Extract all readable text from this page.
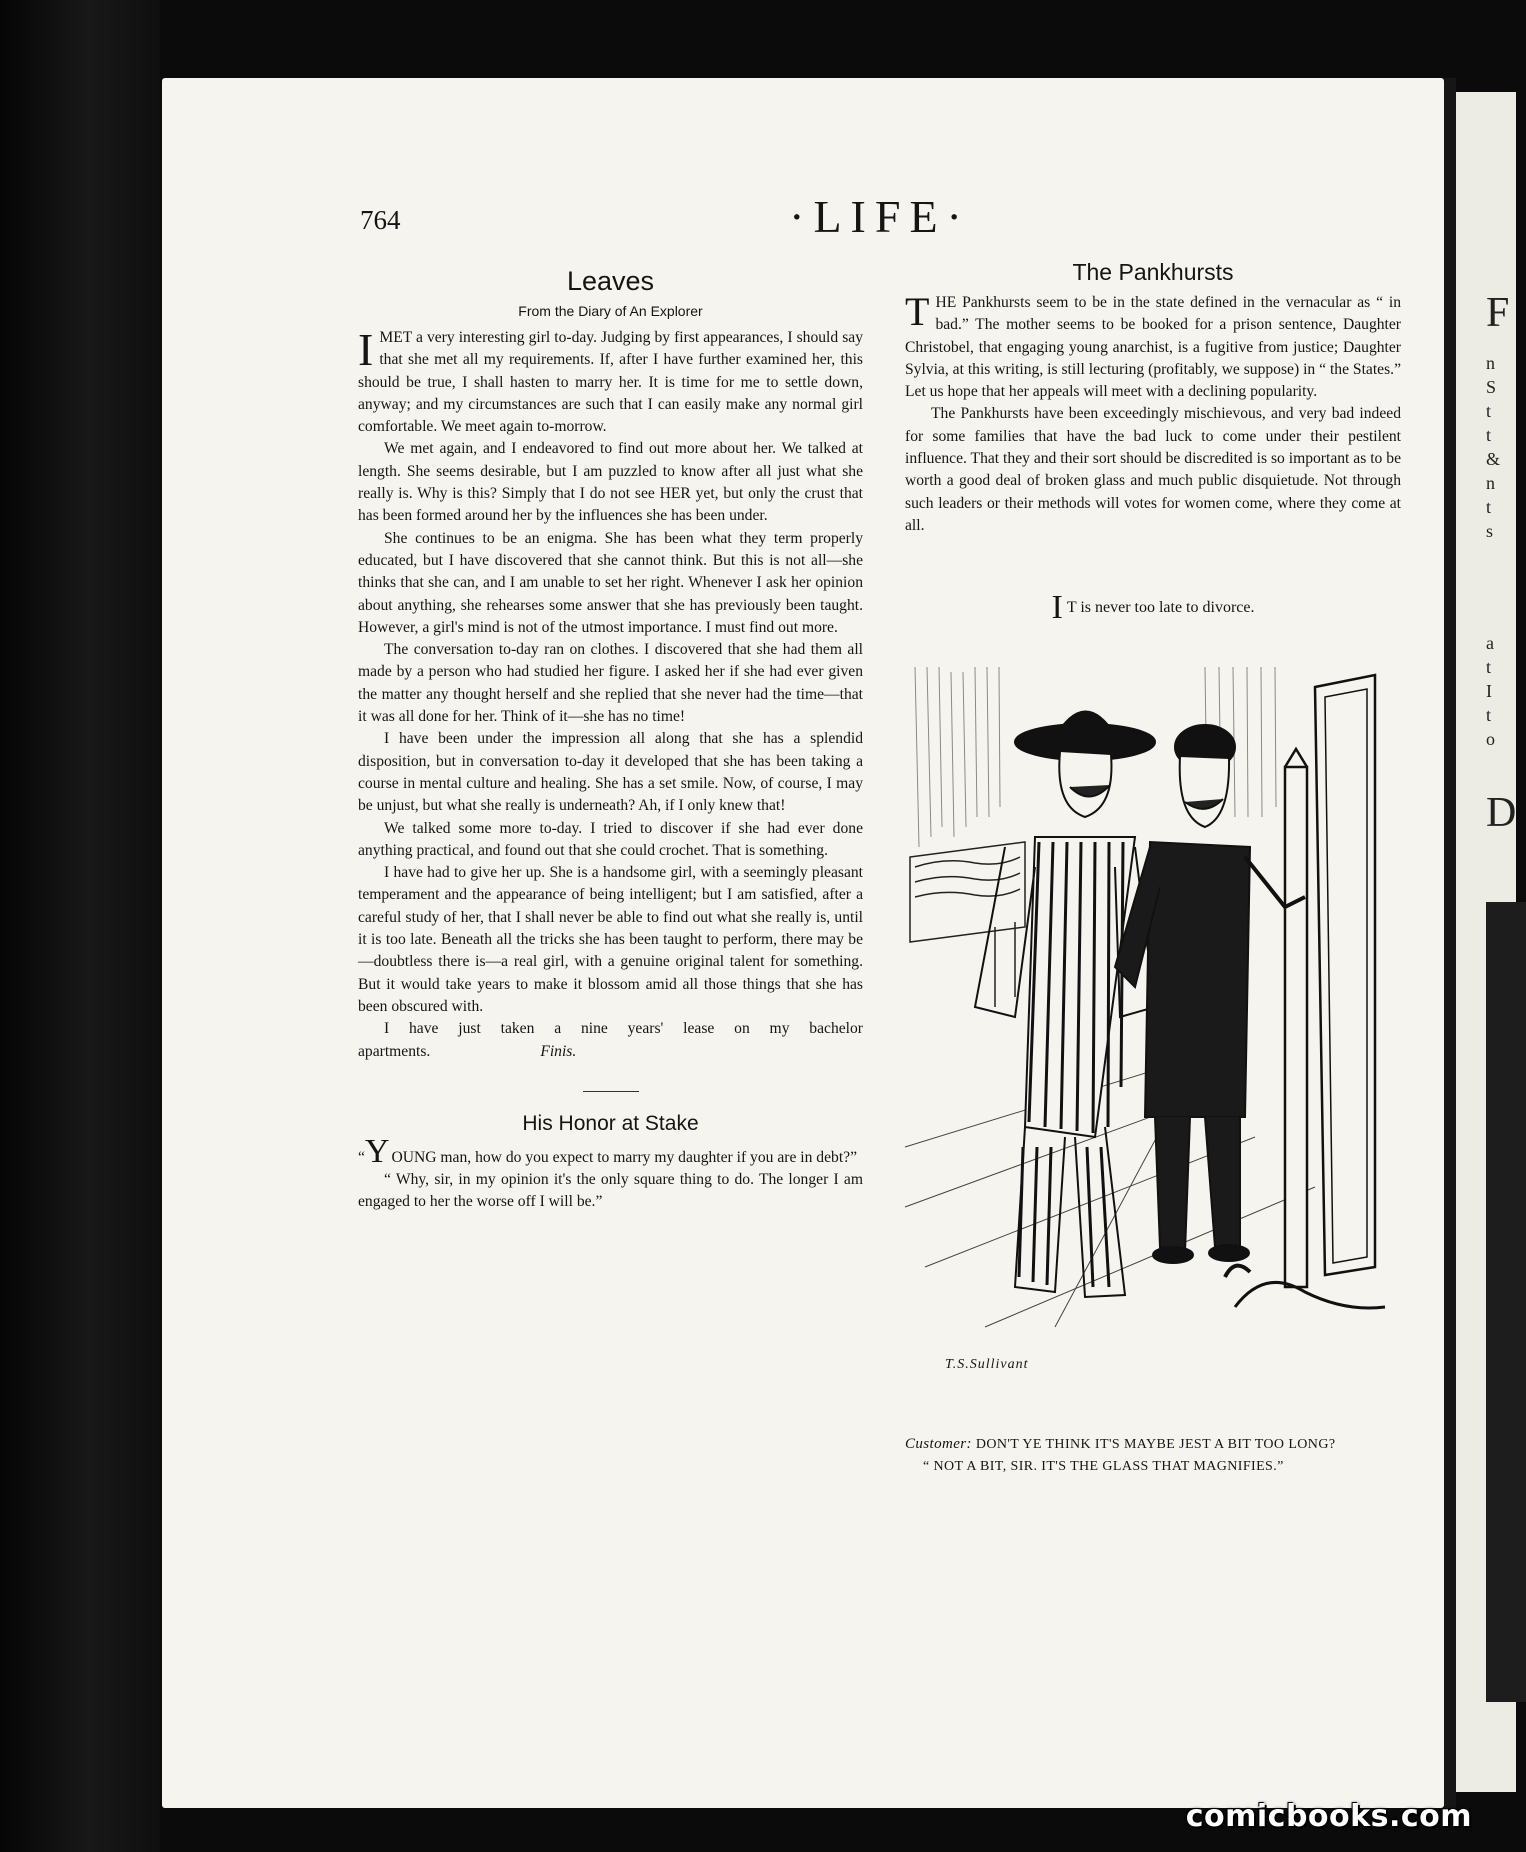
F
n
S
t
t
&
n
t
s
a
t
I
t
o
D
764	·LIFE·
Leaves
From the Diary of An Explorer

I MET a very interesting girl to-day. Judging by first appearances, I should say that she met all my requirements. If, after I have further examined her, this should be true, I shall hasten to marry her. It is time for me to settle down, anyway; and my circumstances are such that I can easily make any normal girl comfortable. We meet again to-morrow.

We met again, and I endeavored to find out more about her. We talked at length. She seems desirable, but I am puzzled to know after all just what she really is. Why is this? Simply that I do not see HER yet, but only the crust that has been formed around her by the influences she has been under.

She continues to be an enigma. She has been what they term properly educated, but I have discovered that she cannot think. But this is not all—she thinks that she can, and I am unable to set her right. Whenever I ask her opinion about anything, she rehearses some answer that she has previously been taught. However, a girl's mind is not of the utmost importance. I must find out more.

The conversation to-day ran on clothes. I discovered that she had them all made by a person who had studied her figure. I asked her if she had ever given the matter any thought herself and she replied that she never had the time—that it was all done for her. Think of it—she has no time!

I have been under the impression all along that she has a splendid disposition, but in conversation to-day it developed that she has been taking a course in mental culture and healing. She has a set smile. Now, of course, I may be unjust, but what she really is underneath? Ah, if I only knew that!

We talked some more to-day. I tried to discover if she had ever done anything practical, and found out that she could crochet. That is something.

I have had to give her up. She is a handsome girl, with a seemingly pleasant temperament and the appearance of being intelligent; but I am satisfied, after a careful study of her, that I shall never be able to find out what she really is, until it is too late. Beneath all the tricks she has been taught to perform, there may be—doubtless there is—a real girl, with a genuine original talent for something. But it would take years to make it blossom amid all those things that she has been obscured with.

I have just taken a nine years' lease on my bachelor apartments.	Finis.

His Honor at Stake

“Y OUNG man, how do you expect to marry my daughter if you are in debt?”

“ Why, sir, in my opinion it's the only square thing to do. The longer I am engaged to her the worse off I will be.”

The Pankhursts

THE Pankhursts seem to be in the state defined in the vernacular as “ in bad.” The mother seems to be booked for a prison sentence, Daughter Christobel, that engaging young anarchist, is a fugitive from justice; Daughter Sylvia, at this writing, is still lecturing (profitably, we suppose) in “ the States.” Let us hope that her appeals will meet with a declining popularity.

The Pankhursts have been exceedingly mischievous, and very bad indeed for some families that have the bad luck to come under their pestilent influence. That they and their sort should be discredited is so important as to be worth a good deal of broken glass and much public disquietude. Not through such leaders or their methods will votes for women come, where they come at all.

I T is never too late to divorce.
T.S.Sullivant
Customer: DON'T YE THINK IT'S MAYBE JEST A BIT TOO LONG?
“ NOT A BIT, SIR. IT'S THE GLASS THAT MAGNIFIES.”
comicbooks.com
